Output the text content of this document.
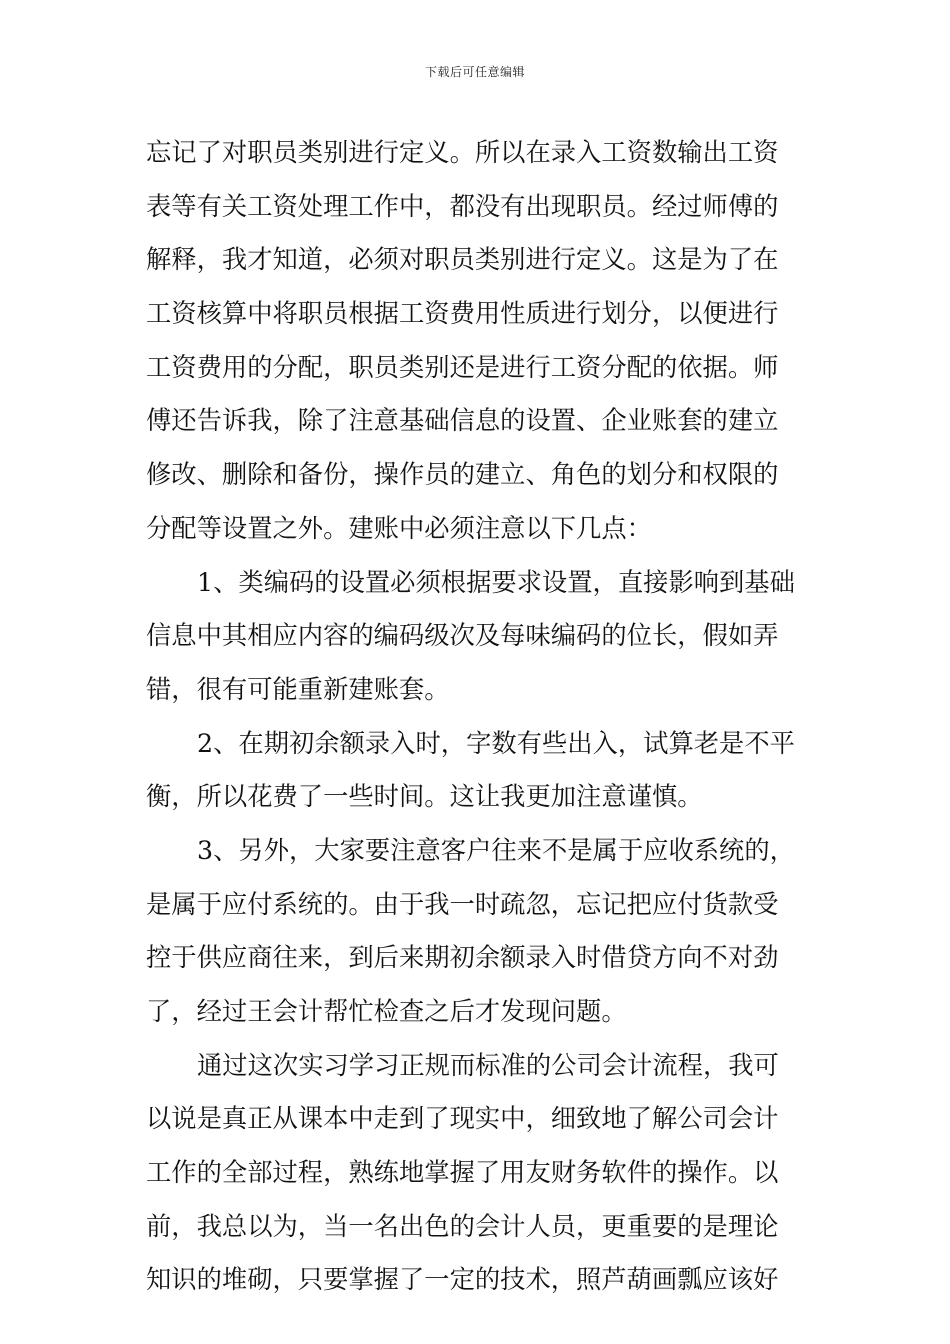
下载后可任意编辑
忘记了对职员类别进行定义。所以在录入工资数输出工资
表等有关工资处理工作中，都没有出现职员。经过师傅的
解释，我才知道，必须对职员类别进行定义。这是为了在
工资核算中将职员根据工资费用性质进行划分，以便进行
工资费用的分配，职员类别还是进行工资分配的依据。师
傅还告诉我，除了注意基础信息的设置、企业账套的建立
修改、删除和备份，操作员的建立、角色的划分和权限的
分配等设置之外。建账中必须注意以下几点：
1、类编码的设置必须根据要求设置，直接影响到基础
信息中其相应内容的编码级次及每味编码的位长，假如弄
错，很有可能重新建账套。
2、在期初余额录入时，字数有些出入，试算老是不平
衡，所以花费了一些时间。这让我更加注意谨慎。
3、另外，大家要注意客户往来不是属于应收系统的，
是属于应付系统的。由于我一时疏忽，忘记把应付货款受
控于供应商往来，到后来期初余额录入时借贷方向不对劲
了，经过王会计帮忙检查之后才发现问题。
通过这次实习学习正规而标准的公司会计流程，我可
以说是真正从课本中走到了现实中，细致地了解公司会计
工作的全部过程，熟练地掌握了用友财务软件的操作。以
前，我总以为，当一名出色的会计人员，更重要的是理论
知识的堆砌，只要掌握了一定的技术，照芦葫画瓢应该好
